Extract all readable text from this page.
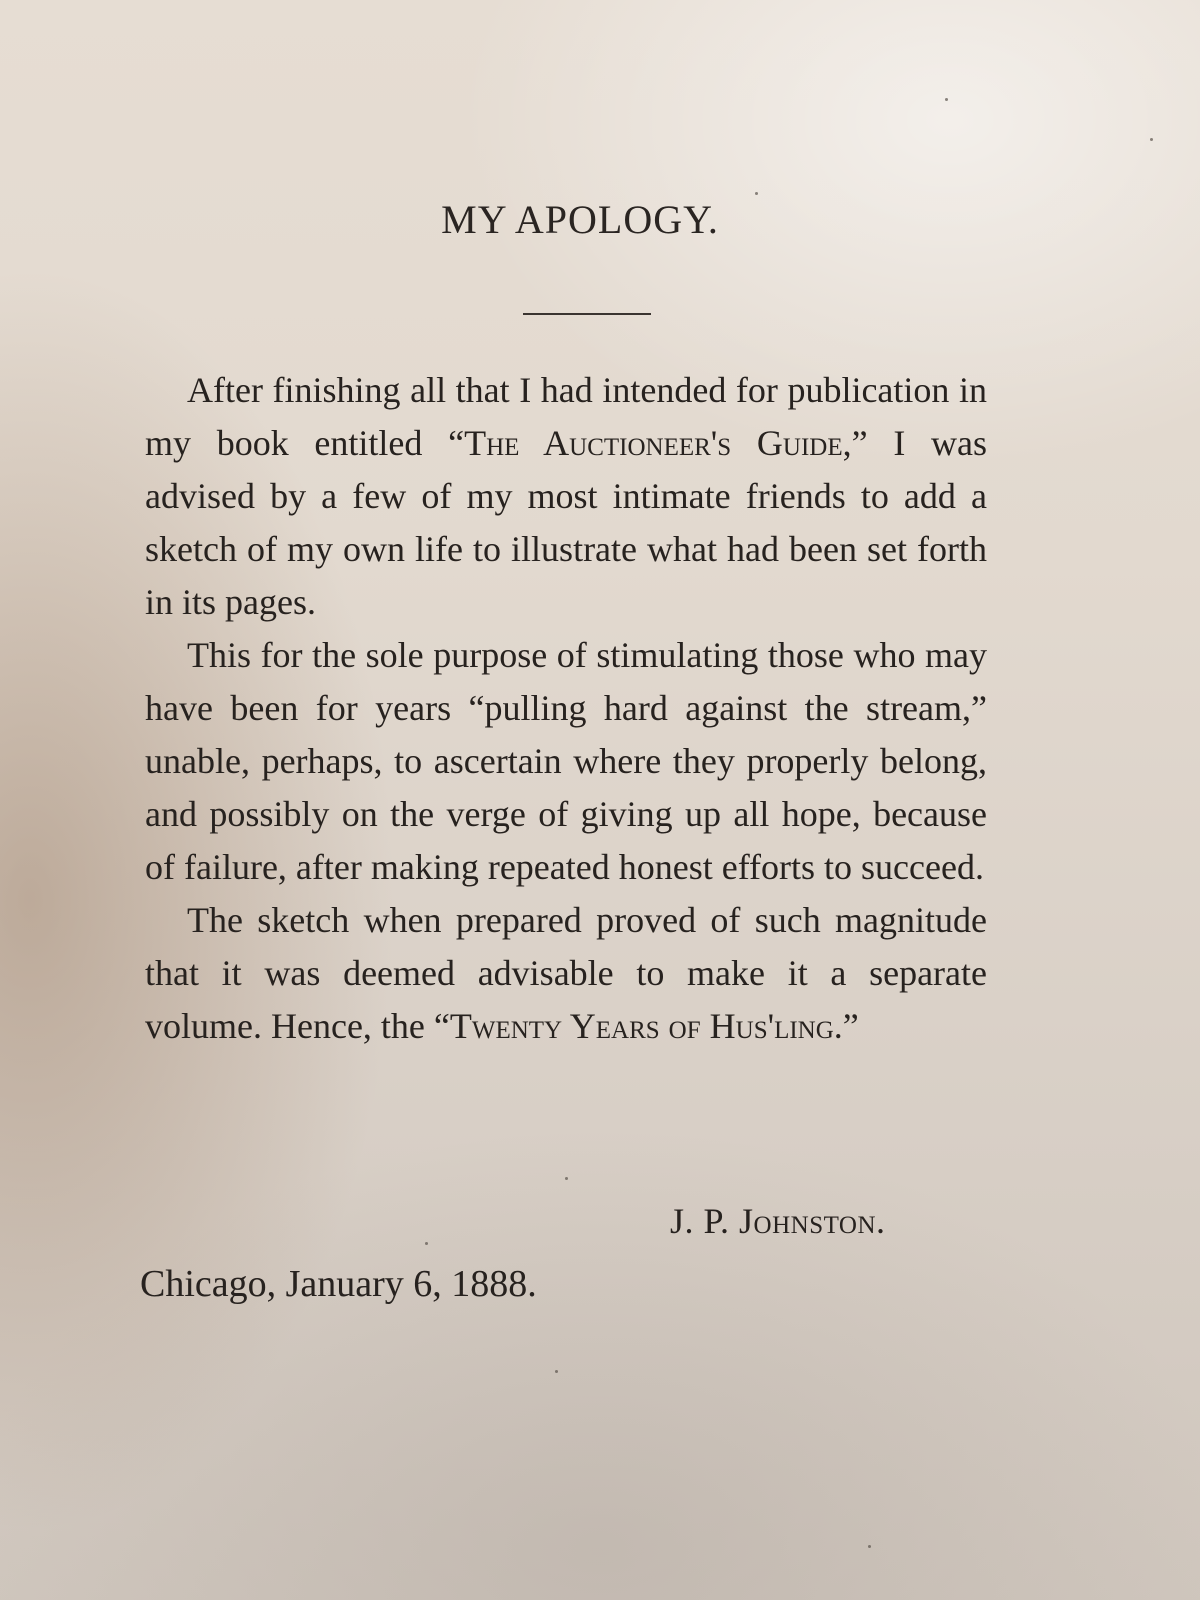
MY APOLOGY.

After finishing all that I had intended for publication in my book entitled “The Auctioneer's Guide,” I was advised by a few of my most intimate friends to add a sketch of my own life to illustrate what had been set forth in its pages.

This for the sole purpose of stimulating those who may have been for years “pulling hard against the stream,” unable, perhaps, to ascertain where they properly belong, and possibly on the verge of giving up all hope, because of failure, after making repeated honest efforts to succeed.

The sketch when prepared proved of such magnitude that it was deemed advisable to make it a separate volume. Hence, the “Twenty Years of Hus'ling.”

J. P. Johnston.
Chicago, January 6, 1888.
